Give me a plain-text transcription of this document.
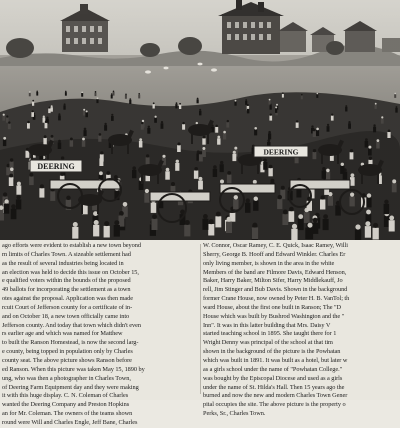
ago efforts were evident to establish a new town beyond
rn limits of Charles Town. A sizeable settlement had
as the result of several industries being located in
an election was held to decide this issue on October 15,
e qualified voters within the bounds of the proposed
49 ballots for incorporating the settlement as a town
otes against the proposal. Application was then made
rcuit Court of Jefferson county for a certificate of in-
and on October 18, a new town officially came into
Jefferson county. And today that town which didn't even
rs earlier age and which was named for Matthew
to built the Ranson Homestead, is now the second larg-
e county, being topped in population only by Charles
county seat. The above picture shows Ranson before
ed Ranson. When this picture was taken May 15, 1890 by
ung, who was then a photographer in Charles Town,
of Deering Farm Equipment day and they were making
it with this huge display. C. N. Coleman of Charles
wanted the Deering Company and Preston Hopkins
an for Mr. Coleman. The owners of the teams shown
round were Will and Charles Engle, Jeff Bane, Charles
W. Connor, Oscar Ramey, C. E. Quick, Isaac Ramey, Willi
Sherry, George B. Hooff and Edward Winkler. Charles Er
only living member, is shown in the area in the white
Members of the band are Filmore Davis, Edward Henson,
Baker, Harry Baker, Milton Sifer, Harry Middlekauff, Jo
rell, Jim Stinger and Bub Davis. Shown in the background
former Crane House, now owned by Peter H. B. VanTol; th
ward House, about the first one built in Ranson; The "D
House which was built by Bushrod Washington and the "
Inn". It was in this latter building that Mrs. Daisy V
started teaching school in 1895. She taught there for 1
Wright Denny was principal of the school at that tim
shown in the background of the picture is the Powhatan
which was built in 1891. It was built as a hotel, but later w
as a girls school under the name of "Powhatan College."
was bought by the Episcopal Diocese and used as a girls
under the name of St. Hilda's Hall. Then 15 years ago the
burned and now the new and modern Charles Town Gener
pital occupies the site. The above picture is the property o
Perks, Sr., Charles Town.
